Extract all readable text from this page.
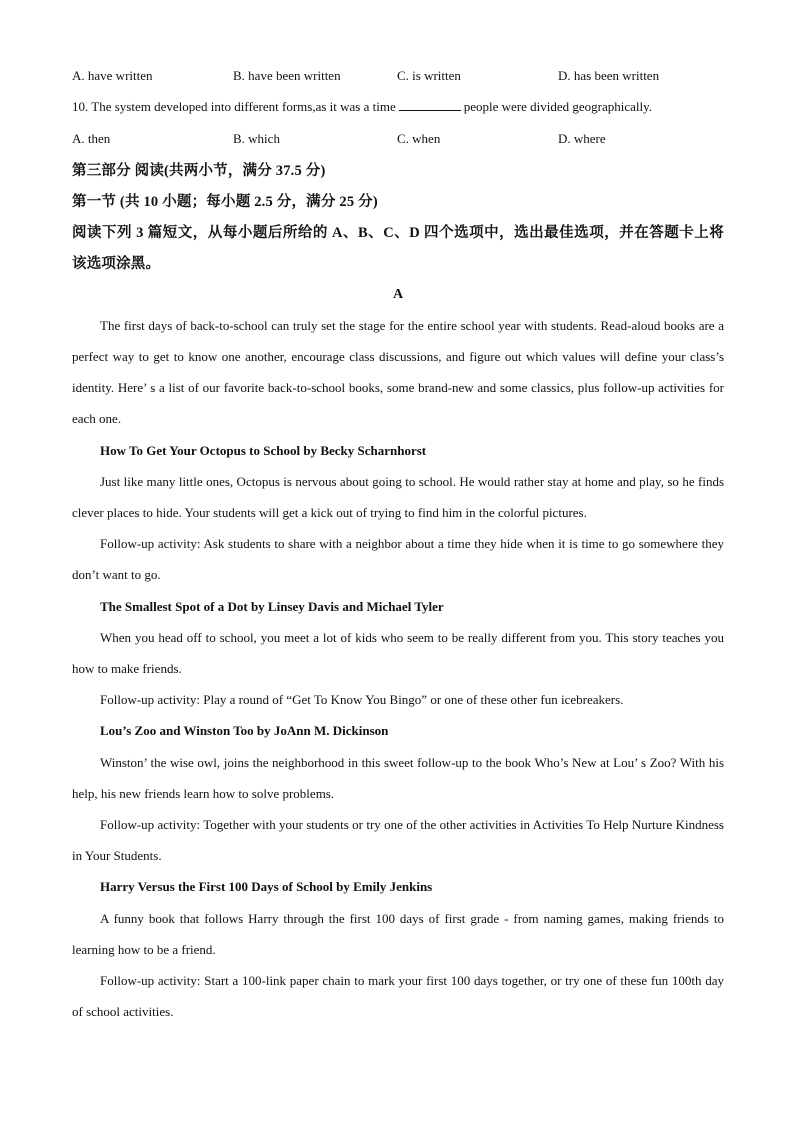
A. have written	B. have been written	C. is written	D. has been written
10. The system developed into different forms,as it was a time	people were divided geographically.
A. then	B. which	C. when	D. where
第三部分 阅读(共两小节，满分 37.5 分)
第一节 (共 10 小题；每小题 2.5 分，满分 25 分)
阅读下列 3 篇短文，从每小题后所给的 A、B、C、D 四个选项中，选出最佳选项，并在答题卡上将该选项涂黑。
A
The first days of back-to-school can truly set the stage for the entire school year with students. Read-aloud books are a perfect way to get to know one another, encourage class discussions, and figure out which values will define your class’s identity. Here’ s a list of our favorite back-to-school books, some brand-new and some classics, plus follow-up activities for each one.
How To Get Your Octopus to School by Becky Scharnhorst
Just like many little ones, Octopus is nervous about going to school. He would rather stay at home and play, so he finds clever places to hide. Your students will get a kick out of trying to find him in the colorful pictures.
Follow-up activity: Ask students to share with a neighbor about a time they hide when it is time to go somewhere they don’t want to go.
The Smallest Spot of a Dot by Linsey Davis and Michael Tyler
When you head off to school, you meet a lot of kids who seem to be really different from you. This story teaches you how to make friends.
Follow-up activity: Play a round of “Get To Know You Bingo” or one of these other fun icebreakers.
Lou’s Zoo and Winston Too by JoAnn M. Dickinson
Winston’ the wise owl, joins the neighborhood in this sweet follow-up to the book Who’s New at Lou’ s Zoo? With his help, his new friends learn how to solve problems.
Follow-up activity: Together with your students or try one of the other activities in Activities To Help Nurture Kindness in Your Students.
Harry Versus the First 100 Days of School by Emily Jenkins
A funny book that follows Harry through the first 100 days of first grade - from naming games, making friends to learning how to be a friend.
Follow-up activity: Start a 100-link paper chain to mark your first 100 days together, or try one of these fun 100th day of school activities.
